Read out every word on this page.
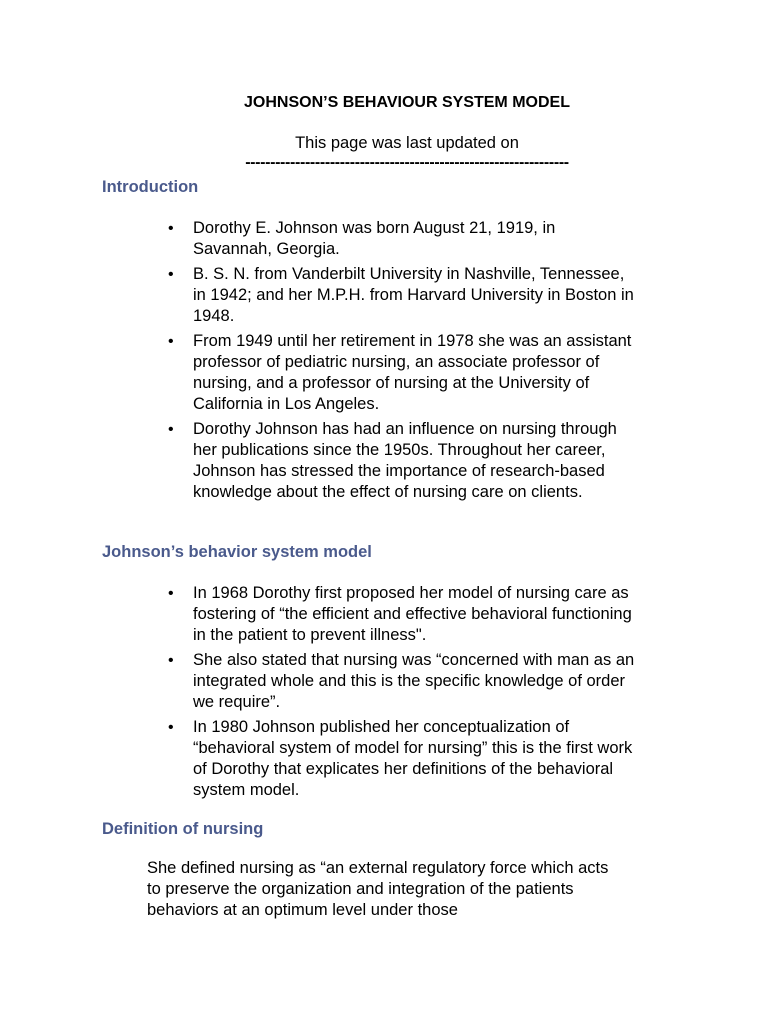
JOHNSON’S BEHAVIOUR SYSTEM MODEL
This page was last updated on
-----------------------------------------------------------------
Introduction
• Dorothy E. Johnson was born August 21, 1919, in Savannah, Georgia.
• B. S. N. from Vanderbilt University in Nashville, Tennessee, in 1942; and her M.P.H. from Harvard University in Boston in 1948.
• From 1949 until her retirement in 1978 she was an assistant professor of pediatric nursing, an associate professor of nursing, and a professor of nursing at the University of California in Los Angeles.
• Dorothy Johnson has had an influence on nursing through her publications since the 1950s. Throughout her career, Johnson has stressed the importance of research-based knowledge about the effect of nursing care on clients.
Johnson’s behavior system model
• In 1968 Dorothy first proposed her model of nursing care as fostering of “the efficient and effective behavioral functioning in the patient to prevent illness".
• She also stated that nursing was “concerned with man as an integrated whole and this is the specific knowledge of order we require”.
• In 1980 Johnson published her conceptualization of “behavioral system of model for nursing” this is the first work of Dorothy that explicates her definitions of the behavioral system model.
Definition of nursing

She defined nursing as “an external regulatory force which acts to preserve the organization and integration of the patients behaviors at an optimum level under those
